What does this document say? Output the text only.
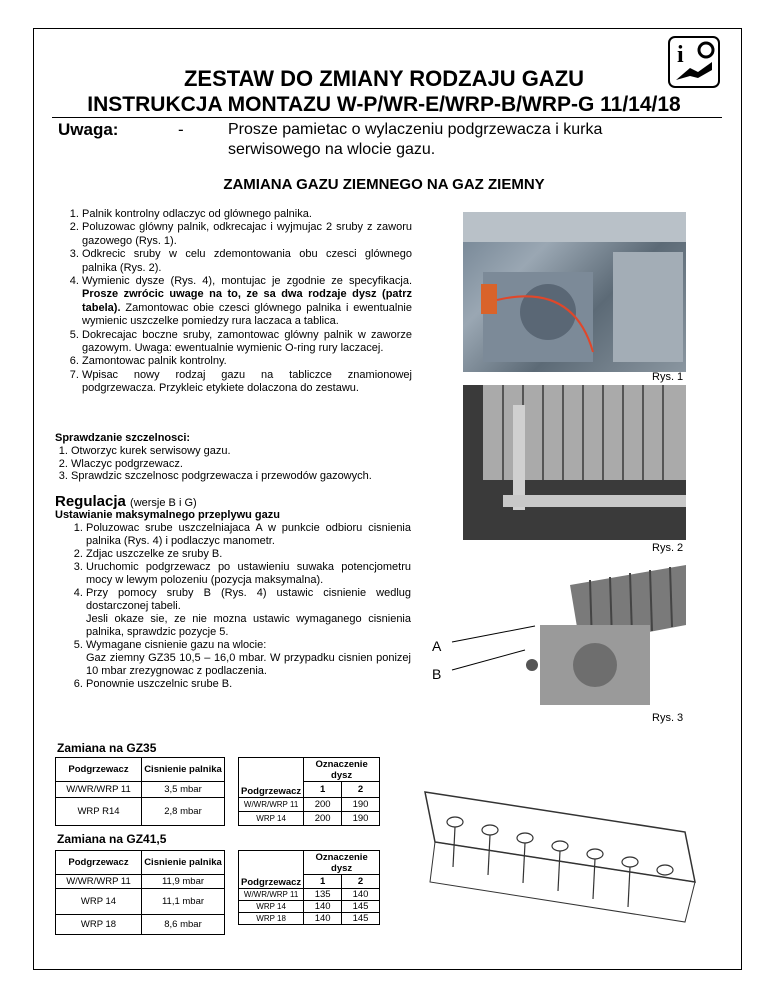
i
ZESTAW DO ZMIANY RODZAJU GAZU
INSTRUKCJA MONTAZU W-P/WR-E/WRP-B/WRP-G 11/14/18
Uwaga:	-	Prosze pamietac o wylaczeniu podgrzewacza i kurka serwisowego na wlocie gazu.
ZAMIANA GAZU ZIEMNEGO NA GAZ ZIEMNY
1. Palnik kontrolny odlaczyc od glównego palnika.
2. Poluzowac glówny palnik, odkrecajac i wyjmujac 2 sruby z zaworu gazowego (Rys. 1).
3. Odkrecic sruby w celu zdemontowania obu czesci glównego palnika (Rys. 2).
4. Wymienic dysze (Rys. 4), montujac je zgodnie ze specyfikacja. Prosze zwrócic uwage na to, ze sa dwa rodzaje dysz (patrz tabela). Zamontowac obie czesci glównego palnika i ewentualnie wymienic uszczelke pomiedzy rura laczaca a tablica.
5. Dokrecajac boczne sruby, zamontowac glówny palnik w zaworze gazowym. Uwaga: ewentualnie wymienic O-ring rury laczacej.
6. Zamontowac palnik kontrolny.
7. Wpisac nowy rodzaj gazu na tabliczce znamionowej podgrzewacza. Przykleic etykiete dolaczona do zestawu.
Rys. 1
Rys. 2
A
B
Rys. 3
Sprawdzanie szczelnosci:
1. Otworzyc kurek serwisowy gazu.
2. Wlaczyc podgrzewacz.
3. Sprawdzic szczelnosc podgrzewacza i przewodów gazowych.
Regulacja (wersje B i G)
Ustawianie maksymalnego przeplywu gazu
1. Poluzowac srube uszczelniajaca A w punkcie odbioru cisnienia palnika (Rys. 4) i podlaczyc manometr.
2. Zdjac uszczelke ze sruby B.
3. Uruchomic podgrzewacz po ustawieniu suwaka potencjometru mocy w lewym polozeniu (pozycja maksymalna).
4. Przy pomocy sruby B (Rys. 4) ustawic cisnienie wedlug dostarczonej tabeli.
Jesli okaze sie, ze nie mozna ustawic wymaganego cisnienia palnika, sprawdzic pozycje 5.
5. Wymagane cisnienie gazu na wlocie:
Gaz ziemny GZ35 10,5 – 16,0 mbar. W przypadku cisnien ponizej 10 mbar zrezygnowac z podlaczenia.
6. Ponownie uszczelnic srube B.
Zamiana na GZ35
Podgrzewacz	Cisnienie palnika
W/WR/WRP 11	3,5 mbar
WRP R14	2,8 mbar
Podgrzewacz	Oznaczenie dysz	
	1	2
W/WR/WRP 11	200	190
WRP 14	200	190
Zamiana na GZ41,5
Podgrzewacz	Cisnienie palnika
W/WR/WRP 11	11,9 mbar
WRP 14	11,1 mbar
WRP 18	8,6 mbar
Podgrzewacz	Oznaczenie dysz	
	1	2
W/WR/WRP 11	135	140
WRP 14	140	145
WRP 18	140	145
